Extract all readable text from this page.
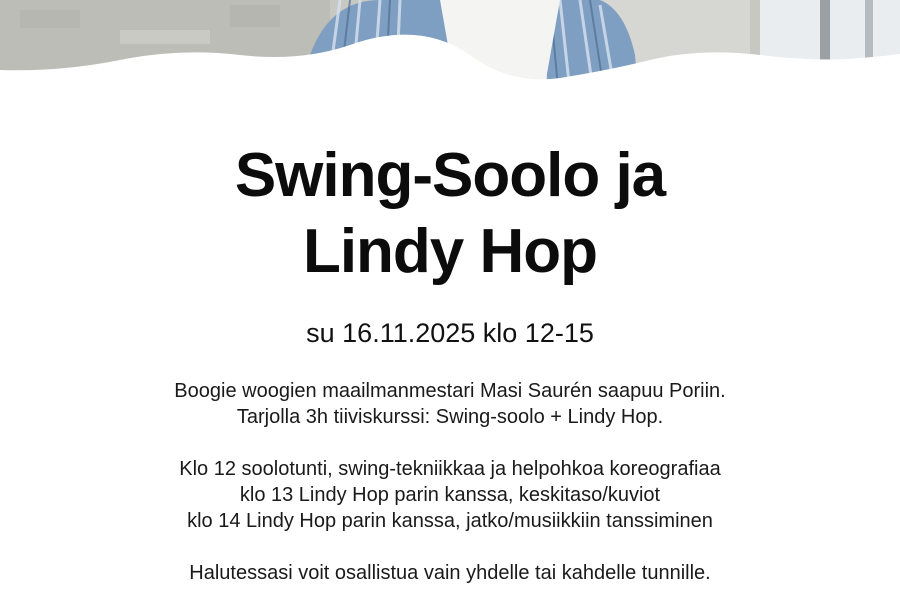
Swing-Soolo ja
Lindy Hop
su 16.11.2025 klo 12-15
Boogie woogien maailmanmestari Masi Saurén saapuu Poriin.
Tarjolla 3h tiiviskurssi: Swing-soolo + Lindy Hop.
Klo 12 soolotunti, swing-tekniikkaa ja helpohkoa koreografiaa
klo 13 Lindy Hop parin kanssa, keskitaso/kuviot
klo 14 Lindy Hop parin kanssa, jatko/musiikkiin tanssiminen
Halutessasi voit osallistua vain yhdelle tai kahdelle tunnille.
